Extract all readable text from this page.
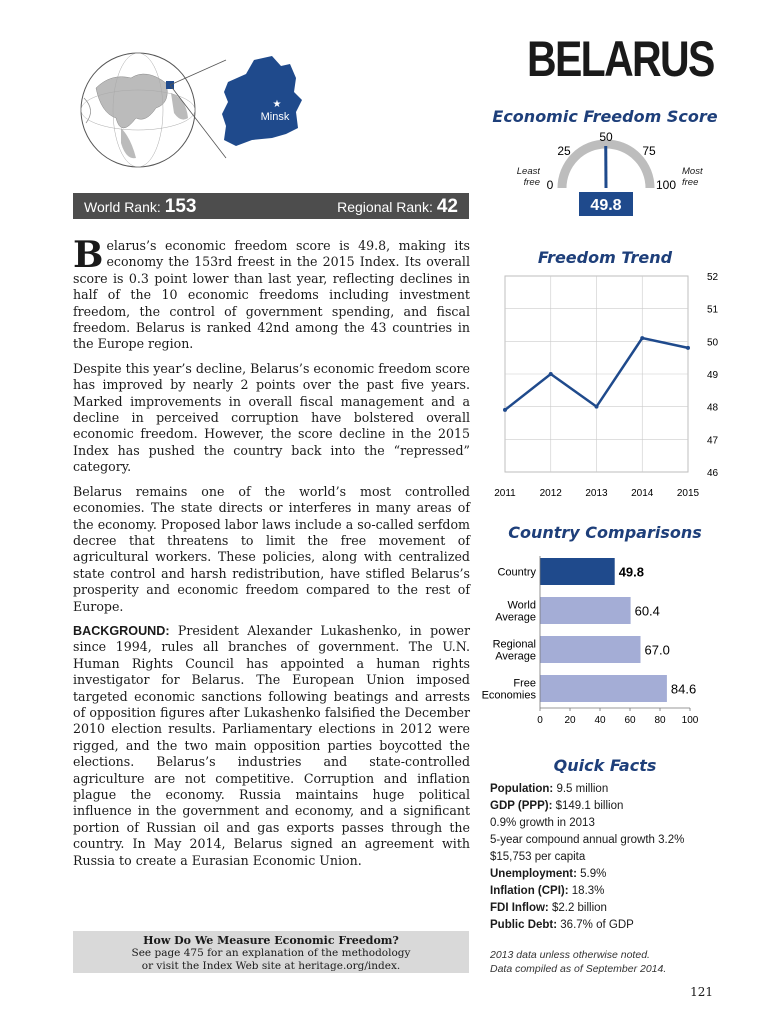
BELARUS
★
Minsk
World Rank: 153	Regional Rank: 42

Belarus’s economic freedom score is 49.8, making its economy the 153rd freest in the 2015 Index. Its overall score is 0.3 point lower than last year, reflecting declines in half of the 10 economic freedoms including investment freedom, the control of government spending, and fiscal freedom. Belarus is ranked 42nd among the 43 countries in the Europe region.

Despite this year’s decline, Belarus’s economic freedom score has improved by nearly 2 points over the past five years. Marked improvements in overall fiscal management and a decline in perceived corruption have bolstered overall economic freedom. However, the score decline in the 2015 Index has pushed the country back into the “repressed” category.

Belarus remains one of the world’s most controlled economies. The state directs or interferes in many areas of the economy. Proposed labor laws include a so-called serfdom decree that threatens to limit the free movement of agricultural workers. These policies, along with centralized state control and harsh redistribution, have stifled Belarus’s prosperity and economic freedom compared to the rest of Europe.

BACKGROUND: President Alexander Lukashenko, in power since 1994, rules all branches of government. The U.N. Human Rights Council has appointed a human rights investigator for Belarus. The European Union imposed targeted economic sanctions following beatings and arrests of opposition figures after Lukashenko falsified the December 2010 election results. Parliamentary elections in 2012 were rigged, and the two main opposition parties boycotted the elections. Belarus’s industries and state-controlled agriculture are not competitive. Corruption and inflation plague the economy. Russia maintains huge political influence in the government and economy, and a significant portion of Russian oil and gas exports passes through the country. In May 2014, Belarus signed an agreement with Russia to create a Eurasian Economic Union.

How Do We Measure Economic Freedom?
See page 475 for an explanation of the methodology
or visit the Index Web site at heritage.org/index.
Economic Freedom Score
50
25	75
0	100
Least free
Most free
49.8
Freedom Trend
46
47
48
49
50
51
52
2011 2012 2013 2014 2015
Country Comparisons
Country	49.8
World Average	60.4
Regional Average	67.0
Free Economies	84.6
0 20 40 60 80 100
Quick Facts
Population: 9.5 million
GDP (PPP): $149.1 billion
0.9% growth in 2013
5-year compound annual growth 3.2%
$15,753 per capita
Unemployment: 5.9%
Inflation (CPI): 18.3%
FDI Inflow: $2.2 billion
Public Debt: 36.7% of GDP
2013 data unless otherwise noted.
Data compiled as of September 2014.
121
